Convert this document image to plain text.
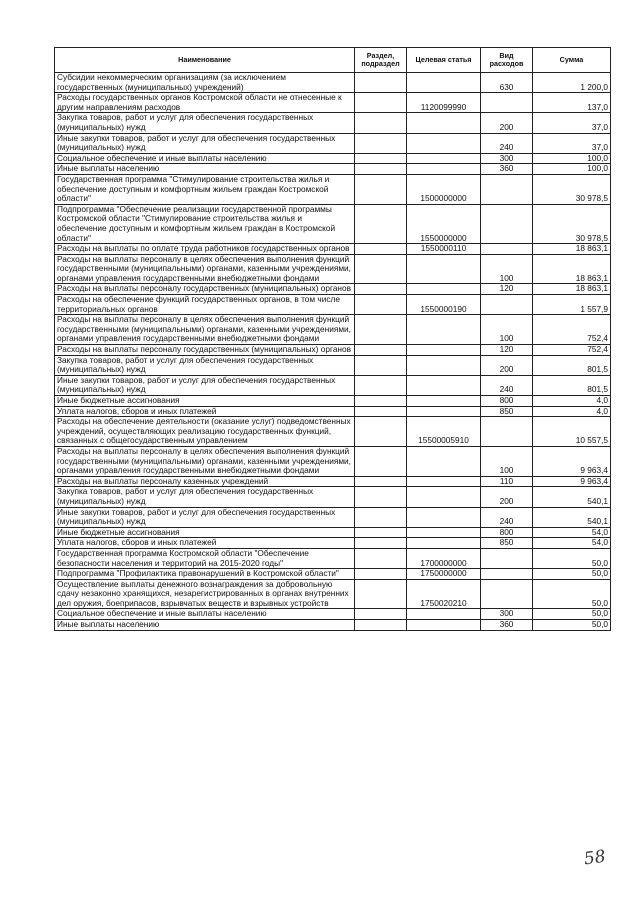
Наименование	Раздел, подраздел	Целевая статья	Вид расходов	Сумма
Субсидии некоммерческим организациям (за исключением государственных (муниципальных) учреждений)			630	1 200,0
Расходы государственных органов Костромской области не отнесенные к другим направлениям расходов		1120099990		137,0
Закупка товаров, работ и услуг для обеспечения государственных (муниципальных) нужд			200	37,0
Иные закупки товаров, работ и услуг для обеспечения государственных (муниципальных) нужд			240	37,0
Социальное обеспечение и иные выплаты населению			300	100,0
Иные выплаты населению			360	100,0
Государственная программа "Стимулирование строительства жилья и обеспечение доступным и комфортным жильем граждан Костромской области"		1500000000		30 978,5
Подпрограмма "Обеспечение реализации государственной программы Костромской области "Стимулирование строительства жилья и обеспечение доступным и комфортным жильем граждан в Костромской области"		1550000000		30 978,5
Расходы на выплаты по оплате труда работников государственных органов		1550000110		18 863,1
Расходы на выплаты персоналу в целях обеспечения выполнения функций государственными (муниципальными) органами, казенными учреждениями, органами управления государственными внебюджетными фондами			100	18 863,1
Расходы на выплаты персоналу государственных (муниципальных) органов			120	18 863,1
Расходы на обеспечение функций государственных органов, в том числе территориальных органов		1550000190		1 557,9
Расходы на выплаты персоналу в целях обеспечения выполнения функций государственными (муниципальными) органами, казенными учреждениями, органами управления государственными внебюджетными фондами			100	752,4
Расходы на выплаты персоналу государственных (муниципальных) органов			120	752,4
Закупка товаров, работ и услуг для обеспечения государственных (муниципальных) нужд			200	801,5
Иные закупки товаров, работ и услуг для обеспечения государственных (муниципальных) нужд			240	801,5
Иные бюджетные ассигнования			800	4,0
Уплата налогов, сборов и иных платежей			850	4,0
Расходы на обеспечение деятельности (оказание услуг) подведомственных учреждений, осуществляющих реализацию государственных функций, связанных с общегосударственным управлением		15500005910		10 557,5
Расходы на выплаты персоналу в целях обеспечения выполнения функций государственными (муниципальными) органами, казенными учреждениями, органами управления государственными внебюджетными фондами			100	9 963,4
Расходы на выплаты персоналу казенных учреждений			110	9 963,4
Закупка товаров, работ и услуг для обеспечения государственных (муниципальных) нужд			200	540,1
Иные закупки товаров, работ и услуг для обеспечения государственных (муниципальных) нужд			240	540,1
Иные бюджетные ассигнования			800	54,0
Уплата налогов, сборов и иных платежей			850	54,0
Государственная программа Костромской области "Обеспечение безопасности населения и территорий на 2015-2020 годы"		1700000000		50,0
Подпрограмма "Профилактика правонарушений в Костромской области"		1750000000		50,0
Осуществление выплаты денежного вознаграждения за добровольную сдачу незаконно хранящихся, незарегистрированных в органах внутренних дел оружия, боеприпасов, взрывчатых веществ и взрывных устройств		1750020210		50,0
Социальное обеспечение и иные выплаты населению			300	50,0
Иные выплаты населению			360	50,0
58
